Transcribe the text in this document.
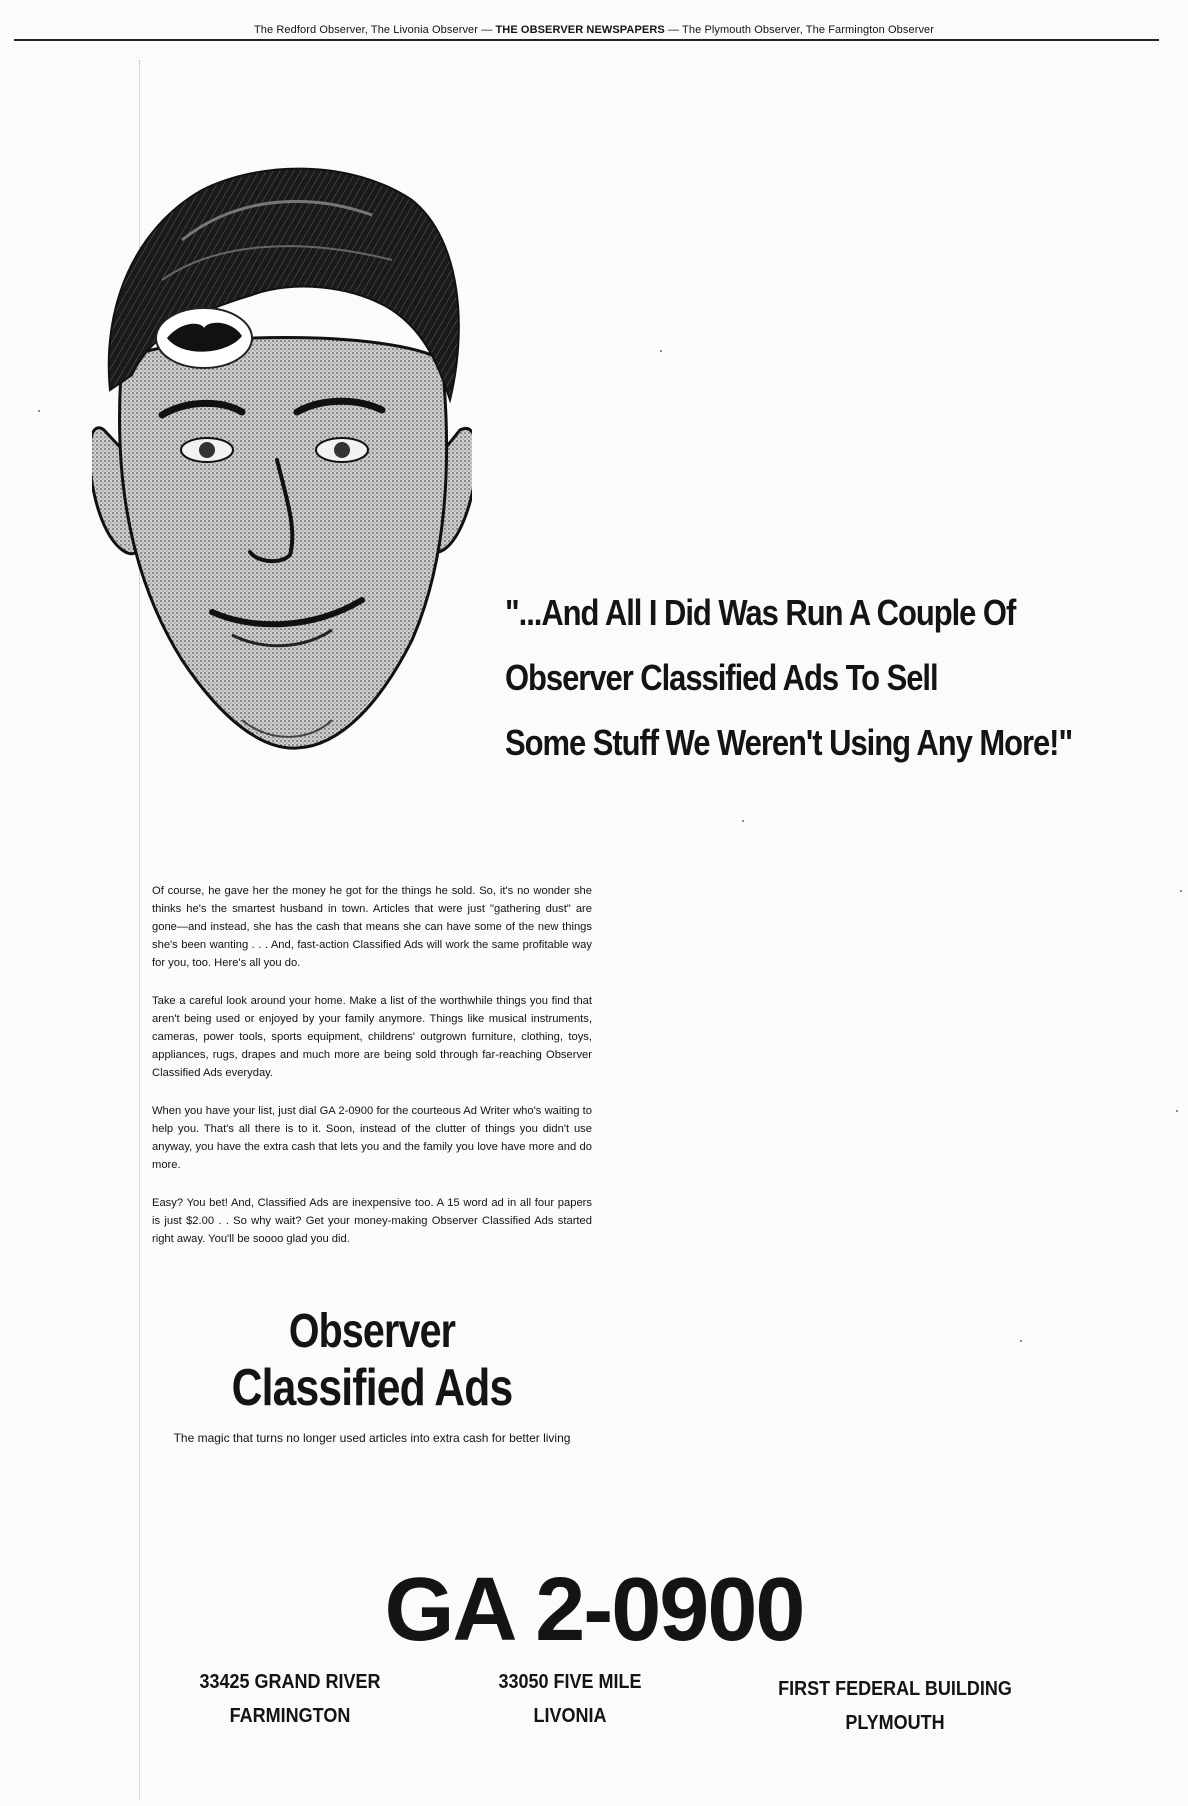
The Redford Observer, The Livonia Observer — THE OBSERVER NEWSPAPERS — The Plymouth Observer, The Farmington Observer
"...And All I Did Was Run A Couple Of
Observer Classified Ads To Sell
Some Stuff We Weren't Using Any More!"

Of course, he gave her the money he got for the things he sold. So, it's no wonder she thinks he's the smartest husband in town. Articles that were just "gathering dust" are gone—and instead, she has the cash that means she can have some of the new things she's been wanting . . . And, fast-action Classified Ads will work the same profitable way for you, too. Here's all you do.

Take a careful look around your home. Make a list of the worthwhile things you find that aren't being used or enjoyed by your family anymore. Things like musical instruments, cameras, power tools, sports equipment, childrens' outgrown furniture, clothing, toys, appliances, rugs, drapes and much more are being sold through far-reaching Observer Classified Ads everyday.

When you have your list, just dial GA 2-0900 for the courteous Ad Writer who's waiting to help you. That's all there is to it. Soon, instead of the clutter of things you didn't use anyway, you have the extra cash that lets you and the family you love have more and do more.

Easy? You bet! And, Classified Ads are inexpensive too. A 15 word ad in all four papers is just $2.00 . . So why wait? Get your money-making Observer Classified Ads started right away. You'll be soooo glad you did.

Observer
Classified Ads
The magic that turns no longer used articles into extra cash for better living
GA 2-0900
33425 GRAND RIVER
FARMINGTON
33050 FIVE MILE
LIVONIA
FIRST FEDERAL BUILDING
PLYMOUTH
